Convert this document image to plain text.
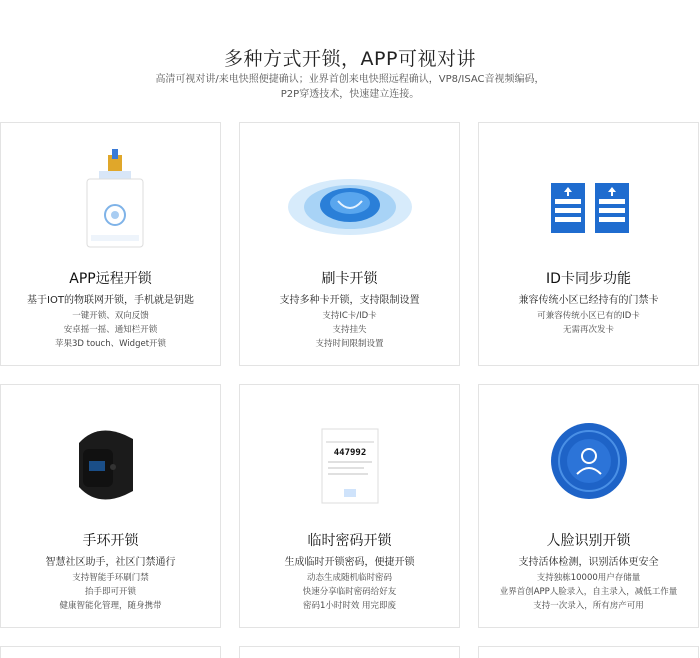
多种方式开锁，APP可视对讲
高清可视对讲/来电快照便捷确认；业界首创来电快照远程确认，VP8/ISAC音视频编码，
P2P穿透技术，快速建立连接。
APP远程开锁
基于IOT的物联网开锁，手机就是钥匙
一键开锁、双向反馈
安卓摇一摇、通知栏开锁
苹果3D touch、Widget开锁
刷卡开锁
支持多种卡开锁，支持限制设置
支持IC卡/ID卡
支持挂失
支持时间限制设置
ID卡同步功能
兼容传统小区已经持有的门禁卡
可兼容传统小区已有的ID卡
无需再次发卡
手环开锁
智慧社区助手，社区门禁通行
支持智能手环刷门禁
抬手即可开锁
健康智能化管理，随身携带
447992
临时密码开锁
生成临时开锁密码，便捷开锁
动态生成随机临时密码
快速分享临时密码给好友
密码1小时时效 用完即废
人脸识别开锁
支持活体检测，识别活体更安全
支持独栋10000用户存储量
业界首创APP人脸录入，自主录入，减低工作量
支持一次录入，所有房产可用
